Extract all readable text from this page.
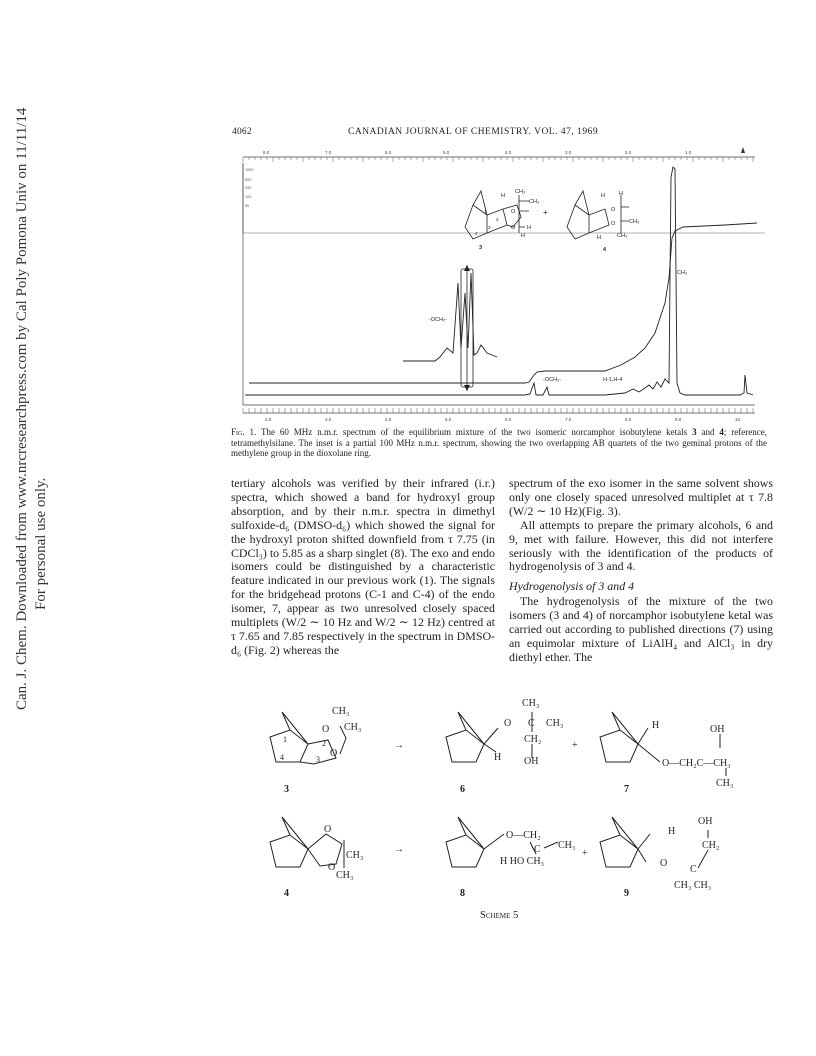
Can. J. Chem. Downloaded from www.nrcresearchpress.com by Cal Poly Pomona Univ on 11/11/14 For personal use only.
4062	CANADIAN JOURNAL OF CHEMISTRY. VOL. 47, 1969
8.0	7.0	6.0	5.0	4.0	3.0	2.0	1.0
1000
500
250
100
50
2.0	3.0	4.0	5.0	6.0	7.0	8.0	9.0	10
-OCH₂-
-OCH₂-	H-1,H-4
CH₃
CH₃
CH₃
H
O
O H
H
2
4
3
1
3
+
H	H
O
O CH₃
CH₃
H
4
Fig. 1. The 60 MHz n.m.r. spectrum of the equilibrium mixture of the two isomeric norcamphor isobutylene ketals 3 and 4; reference, tetramethylsilane. The inset is a partial 100 MHz n.m.r. spectrum, showing the two overlapping AB quartets of the two geminal protons of the methylene group in the dioxolane ring.

tertiary alcohols was verified by their infrared (i.r.) spectra, which showed a band for hydroxyl group absorption, and by their n.m.r. spectra in dimethyl sulfoxide-d₆ (DMSO-d₆) which showed the signal for the hydroxyl proton shifted downfield from τ 7.75 (in CDCl₃) to 5.85 as a sharp singlet (8). The exo and endo isomers could be distinguished by a characteristic feature indicated in our previous work (1). The signals for the bridgehead protons (C-1 and C-4) of the endo isomer, 7, appear as two unresolved closely spaced multiplets (W/2 ∼ 10 Hz and W/2 ∼ 12 Hz) centred at τ 7.65 and 7.85 respectively in the spectrum in DMSO-d₆ (Fig. 2) whereas the

spectrum of the exo isomer in the same solvent shows only one closely spaced unresolved multiplet at τ 7.8 (W/2 ∼ 10 Hz)(Fig. 3).

All attempts to prepare the primary alcohols, 6 and 9, met with failure. However, this did not interfere seriously with the identification of the products of hydrogenolysis of 3 and 4.

Hydrogenolysis of 3 and 4

The hydrogenolysis of the mixture of the two isomers (3 and 4) of norcamphor isobutylene ketal was carried out according to published directions (7) using an equimolar mixture of LiAlH₄ and AlCl₃ in dry diethyl ether. The

CH₃
CH₃
O
O
1	2
3
4
→
CH₃
O C CH₃
CH₂
OH
H
+
H	OH
O—CH₂C—CH₃
CH₃
O
O
CH₃
CH₃
→
O—CH₂
C CH₃
H HO CH₃
+
H
OH
CH₂
O
C
CH₃ CH₃
3	6	7
4	8	9
Scheme 5
